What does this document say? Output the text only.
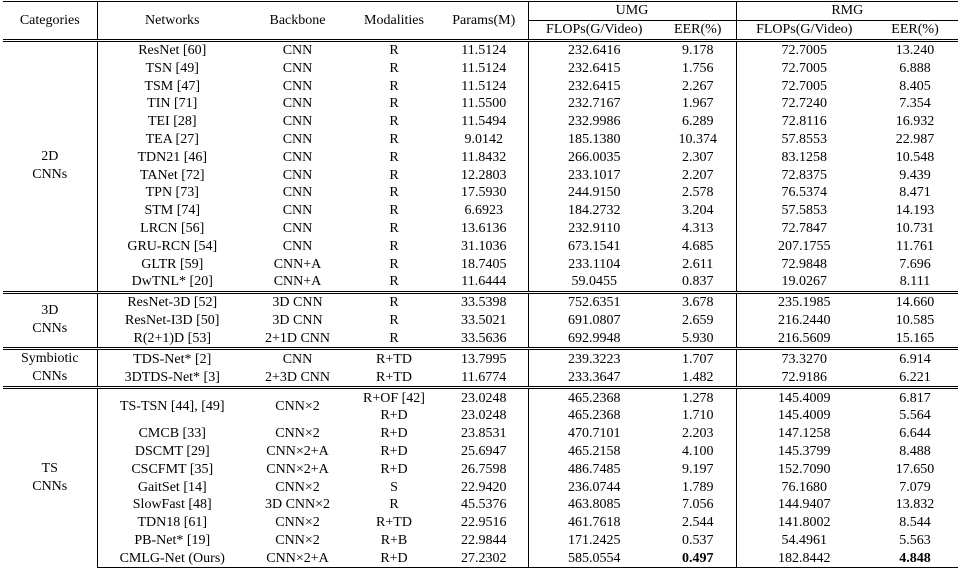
Categories	Networks	Backbone	Modalities	Params(M)	UMG		RMG	
					FLOPs(G/Video)	EER(%)	FLOPs(G/Video)	EER(%)

2D
CNNs	ResNet [60]	CNN	R	11.5124	232.6416	9.178	72.7005	13.240
	TSN [49]	CNN	R	11.5124	232.6415	1.756	72.7005	6.888
	TSM [47]	CNN	R	11.5124	232.6415	2.267	72.7005	8.405
	TIN [71]	CNN	R	11.5500	232.7167	1.967	72.7240	7.354
	TEI [28]	CNN	R	11.5494	232.9986	6.289	72.8116	16.932
	TEA [27]	CNN	R	9.0142	185.1380	10.374	57.8553	22.987
	TDN21 [46]	CNN	R	11.8432	266.0035	2.307	83.1258	10.548
	TANet [72]	CNN	R	12.2803	233.1017	2.207	72.8375	9.439
	TPN [73]	CNN	R	17.5930	244.9150	2.578	76.5374	8.471
	STM [74]	CNN	R	6.6923	184.2732	3.204	57.5853	14.193
	LRCN [56]	CNN	R	13.6136	232.9110	4.313	72.7847	10.731
	GRU-RCN [54]	CNN	R	31.1036	673.1541	4.685	207.1755	11.761
	GLTR [59]	CNN+A	R	18.7405	233.1104	2.611	72.9848	7.696
	DwTNL* [20]	CNN+A	R	11.6444	59.0455	0.837	19.0267	8.111

3D
CNNs	ResNet-3D [52]	3D CNN	R	33.5398	752.6351	3.678	235.1985	14.660
	ResNet-I3D [50]	3D CNN	R	33.5021	691.0807	2.659	216.2440	10.585
	R(2+1)D [53]	2+1D CNN	R	33.5636	692.9948	5.930	216.5609	15.165

Symbiotic
CNNs	TDS-Net* [2]	CNN	R+TD	13.7995	239.3223	1.707	73.3270	6.914
	3DTDS-Net* [3]	2+3D CNN	R+TD	11.6774	233.3647	1.482	72.9186	6.221

TS
CNNs	TS-TSN [44], [49]	CNN×2	R+OF [42]	23.0248	465.2368	1.278	145.4009	6.817
			R+D	23.0248	465.2368	1.710	145.4009	5.564
	CMCB [33]	CNN×2	R+D	23.8531	470.7101	2.203	147.1258	6.644
	DSCMT [29]	CNN×2+A	R+D	25.6947	465.2158	4.100	145.3799	8.488
	CSCFMT [35]	CNN×2+A	R+D	26.7598	486.7485	9.197	152.7090	17.650
	GaitSet [14]	CNN×2	S	22.9420	236.0744	1.789	76.1680	7.079
	SlowFast [48]	3D CNN×2	R	45.5376	463.8085	7.056	144.9407	13.832
	TDN18 [61]	CNN×2	R+TD	22.9516	461.7618	2.544	141.8002	8.544
	PB-Net* [19]	CNN×2	R+B	22.9844	171.2425	0.537	54.4961	5.563
	CMLG-Net (Ours)	CNN×2+A	R+D	27.2302	585.0554	0.497	182.8442	4.848
